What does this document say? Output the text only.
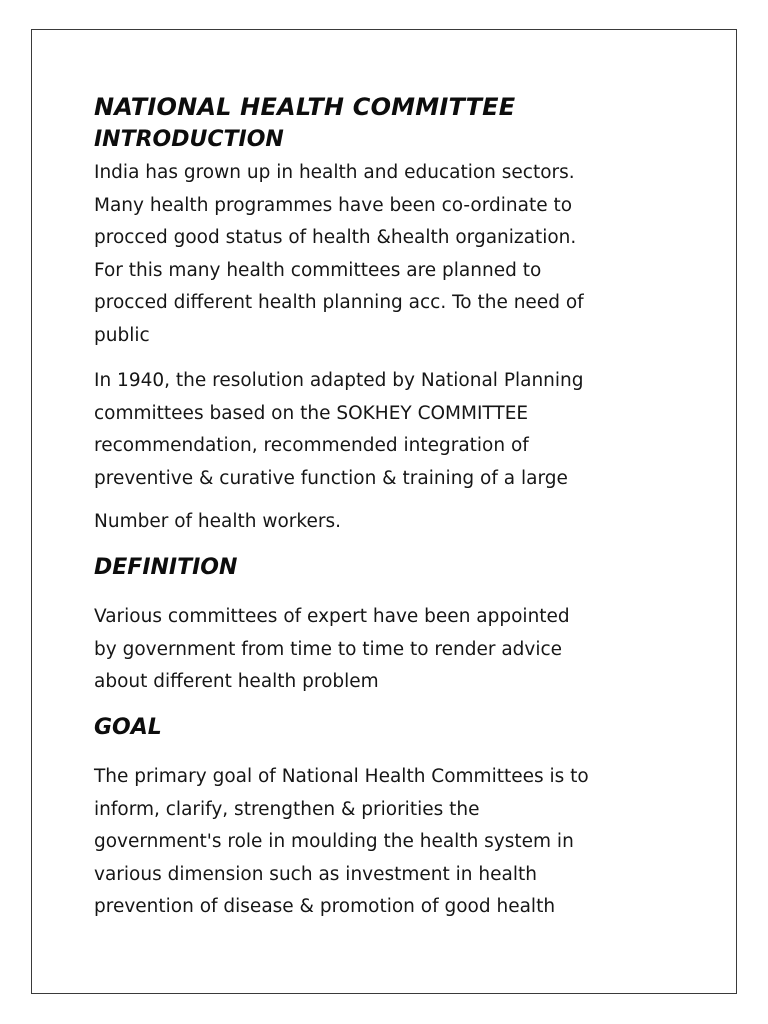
NATIONAL HEALTH COMMITTEE
INTRODUCTION

India has grown up in health and education sectors.
Many health programmes have been co-ordinate to
procced good status of health &health organization.
For this many health committees are planned to
procced different health planning acc. To the need of
public

In 1940, the resolution adapted by National Planning
committees based on the SOKHEY COMMITTEE
recommendation, recommended integration of
preventive & curative function & training of a large

Number of health workers.

DEFINITION

Various committees of expert have been appointed
by government from time to time to render advice
about different health problem

GOAL

The primary goal of National Health Committees is to
inform, clarify, strengthen & priorities the
government's role in moulding the health system in
various dimension such as investment in health
prevention of disease & promotion of good health
